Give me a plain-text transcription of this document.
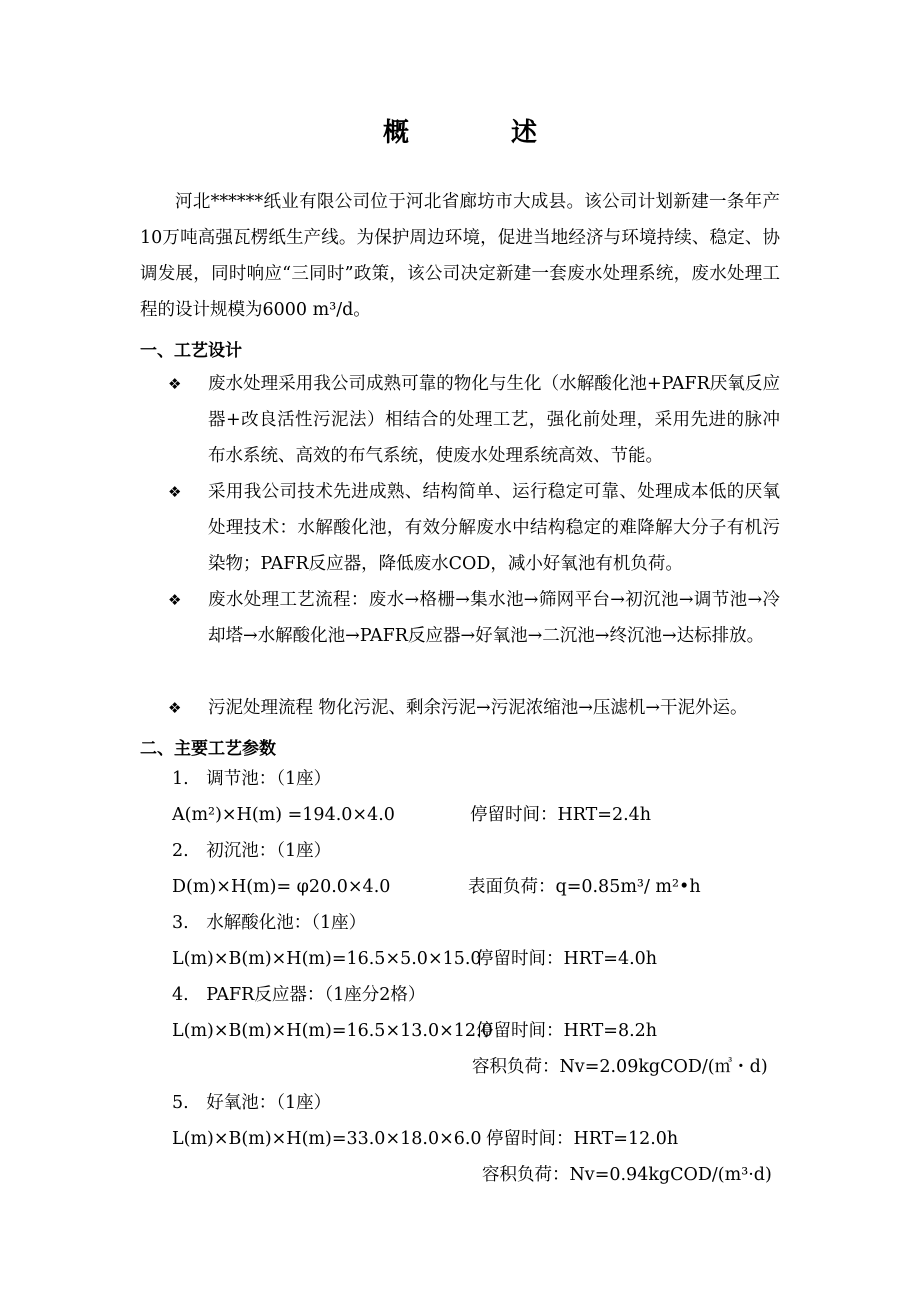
概　述
河北******纸业有限公司位于河北省廊坊市大成县。该公司计划新建一条年产10万吨高强瓦楞纸生产线。为保护周边环境，促进当地经济与环境持续、稳定、协调发展，同时响应“三同时”政策，该公司决定新建一套废水处理系统，废水处理工程的设计规模为6000 m³/d。
一、工艺设计
❖ 废水处理采用我公司成熟可靠的物化与生化（水解酸化池+PAFR厌氧反应器+改良活性污泥法）相结合的处理工艺，强化前处理，采用先进的脉冲布水系统、高效的布气系统，使废水处理系统高效、节能。
❖ 采用我公司技术先进成熟、结构简单、运行稳定可靠、处理成本低的厌氧处理技术：水解酸化池，有效分解废水中结构稳定的难降解大分子有机污染物；PAFR反应器，降低废水COD，减小好氧池有机负荷。
❖ 废水处理工艺流程：废水→格栅→集水池→筛网平台→初沉池→调节池→冷却塔→水解酸化池→PAFR反应器→好氧池→二沉池→终沉池→达标排放。
❖ 污泥处理流程 物化污泥、剩余污泥→污泥浓缩池→压滤机→干泥外运。
二、主要工艺参数
1.　调节池：（1座）
A(m²)×H(m) =194.0×4.0	停留时间：HRT=2.4h
2.　初沉池：（1座）
D(m)×H(m)= φ20.0×4.0	表面负荷：q=0.85m³/ m²•h
3.　水解酸化池：（1座）
L(m)×B(m)×H(m)=16.5×5.0×15.0
停留时间：HRT=4.0h
4.　PAFR反应器：（1座分2格）
L(m)×B(m)×H(m)=16.5×13.0×12.0
停留时间：HRT=8.2h
容积负荷：Nv=2.09kgCOD/(㎥・d)
5.　好氧池：（1座）
L(m)×B(m)×H(m)=33.0×18.0×6.0 停留时间：HRT=12.0h
容积负荷：Nv=0.94kgCOD/(m³·d)
